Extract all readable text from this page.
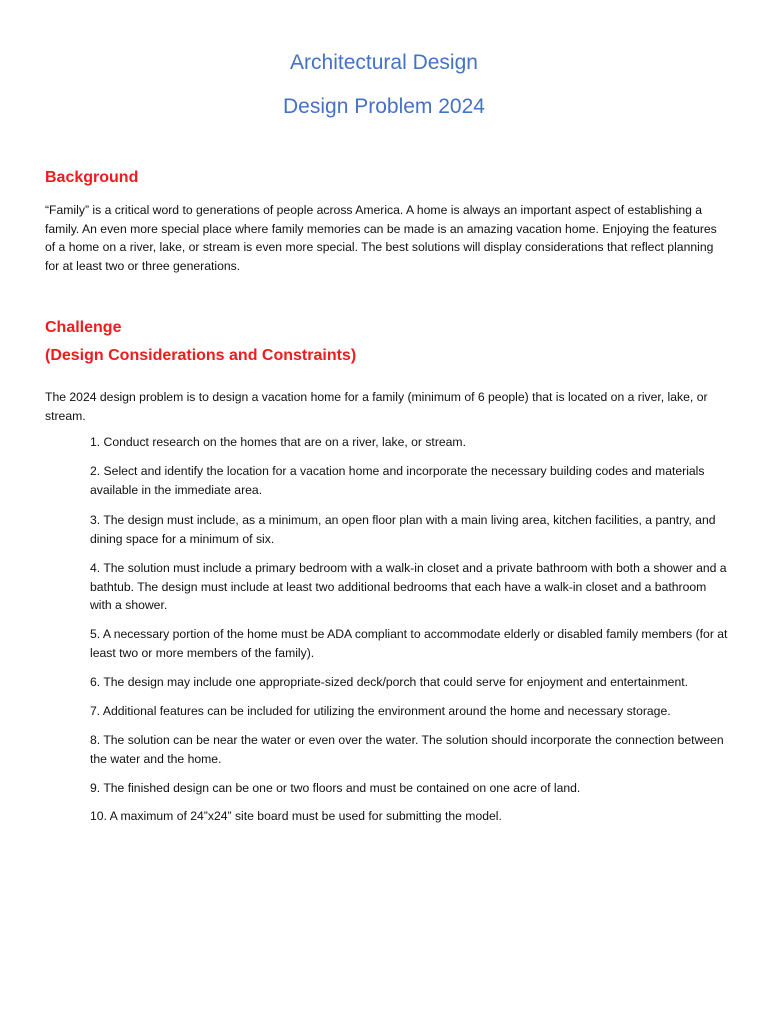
Architectural Design
Design Problem 2024
Background

“Family” is a critical word to generations of people across America. A home is always an important aspect of establishing a family. An even more special place where family memories can be made is an amazing vacation home. Enjoying the features of a home on a river, lake, or stream is even more special. The best solutions will display considerations that reflect planning for at least two or three generations.

Challenge
(Design Considerations and Constraints)

The 2024 design problem is to design a vacation home for a family (minimum of 6 people) that is located on a river, lake, or stream.

1. Conduct research on the homes that are on a river, lake, or stream.
2. Select and identify the location for a vacation home and incorporate the necessary building codes and materials available in the immediate area.
3. The design must include, as a minimum, an open floor plan with a main living area, kitchen facilities, a pantry, and dining space for a minimum of six.
4. The solution must include a primary bedroom with a walk-in closet and a private bathroom with both a shower and a bathtub. The design must include at least two additional bedrooms that each have a walk-in closet and a bathroom with a shower.
5. A necessary portion of the home must be ADA compliant to accommodate elderly or disabled family members (for at least two or more members of the family).
6. The design may include one appropriate-sized deck/porch that could serve for enjoyment and entertainment.
7. Additional features can be included for utilizing the environment around the home and necessary storage.
8. The solution can be near the water or even over the water. The solution should incorporate the connection between the water and the home.
9. The finished design can be one or two floors and must be contained on one acre of land.
10. A maximum of 24”x24” site board must be used for submitting the model.
